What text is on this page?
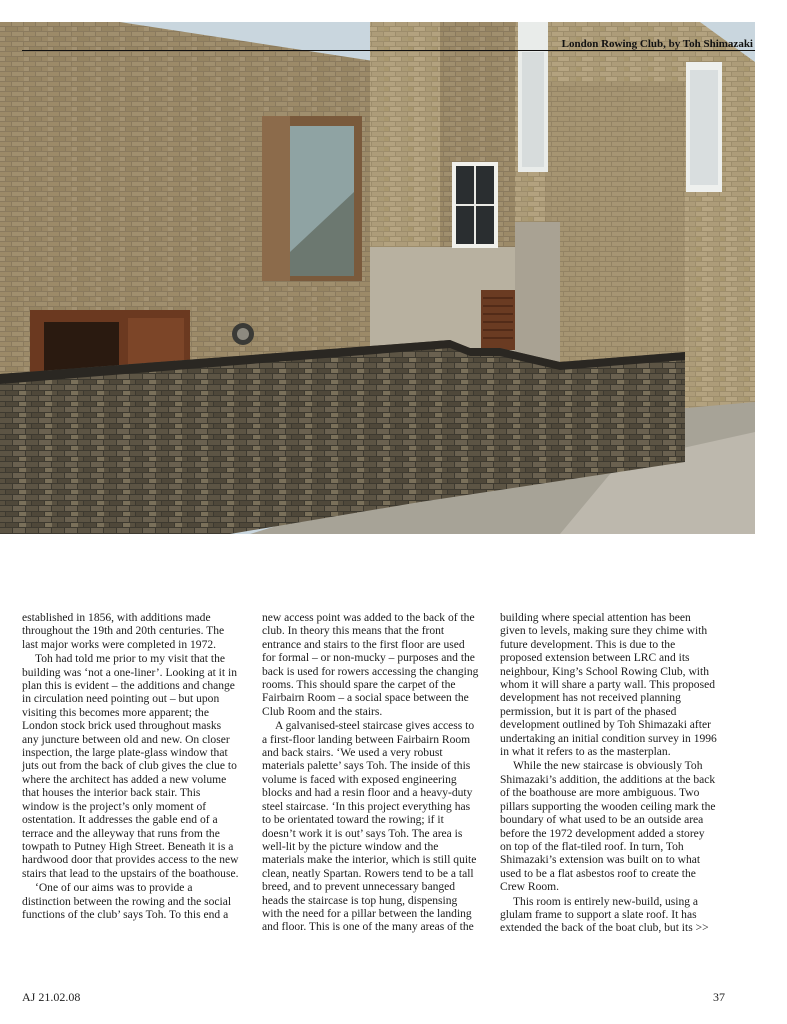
London Rowing Club, by Toh Shimazaki

established in 1856, with additions made throughout the 19th and 20th centuries. The last major works were completed in 1972.

Toh had told me prior to my visit that the building was ‘not a one-liner’. Looking at it in plan this is evident – the additions and change in circulation need pointing out – but upon visiting this becomes more apparent; the London stock brick used throughout masks any juncture between old and new. On closer inspection, the large plate-glass window that juts out from the back of club gives the clue to where the architect has added a new volume that houses the interior back stair. This window is the project’s only moment of ostentation. It addresses the gable end of a terrace and the alleyway that runs from the towpath to Putney High Street. Beneath it is a hardwood door that provides access to the new stairs that lead to the upstairs of the boathouse.

‘One of our aims was to provide a distinction between the rowing and the social functions of the club’ says Toh. To this end a

new access point was added to the back of the club. In theory this means that the front entrance and stairs to the first floor are used for formal – or non-mucky – purposes and the back is used for rowers accessing the changing rooms. This should spare the carpet of the Fairbairn Room – a social space between the Club Room and the stairs.

A galvanised-steel staircase gives access to a first-floor landing between Fairbairn Room and back stairs. ‘We used a very robust materials palette’ says Toh. The inside of this volume is faced with exposed engineering blocks and had a resin floor and a heavy-duty steel staircase. ‘In this project everything has to be orientated toward the rowing; if it doesn’t work it is out’ says Toh. The area is well-lit by the picture window and the materials make the interior, which is still quite clean, neatly Spartan. Rowers tend to be a tall breed, and to prevent unnecessary banged heads the staircase is top hung, dispensing with the need for a pillar between the landing and floor. This is one of the many areas of the

building where special attention has been given to levels, making sure they chime with future development. This is due to the proposed extension between LRC and its neighbour, King’s School Rowing Club, with whom it will share a party wall. This proposed development has not received planning permission, but it is part of the phased development outlined by Toh Shimazaki after undertaking an initial condition survey in 1996 in what it refers to as the masterplan.

While the new staircase is obviously Toh Shimazaki’s addition, the additions at the back of the boathouse are more ambiguous. Two pillars supporting the wooden ceiling mark the boundary of what used to be an outside area before the 1972 development added a storey on top of the flat-tiled roof. In turn, Toh Shimazaki’s extension was built on to what used to be a flat asbestos roof to create the Crew Room.

This room is entirely new-build, using a glulam frame to support a slate roof. It has extended the back of the boat club, but its >>

AJ 21.02.08	37
